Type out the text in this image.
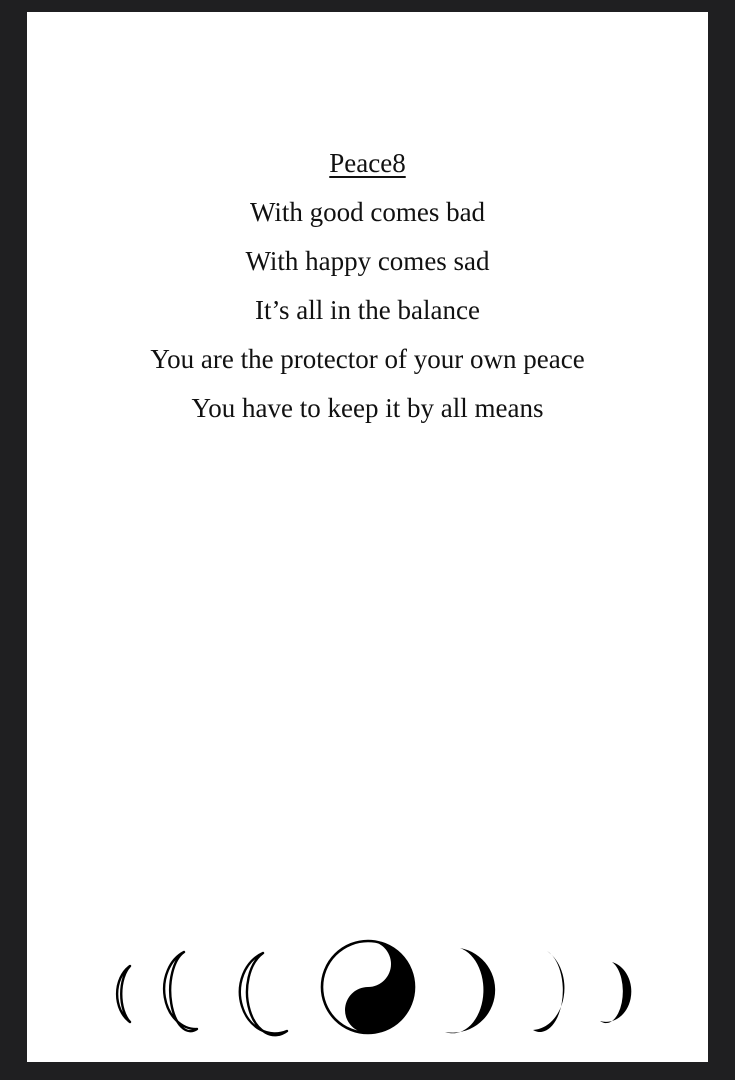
Peace8
With good comes bad
With happy comes sad
It’s all in the balance
You are the protector of your own peace
You have to keep it by all means
